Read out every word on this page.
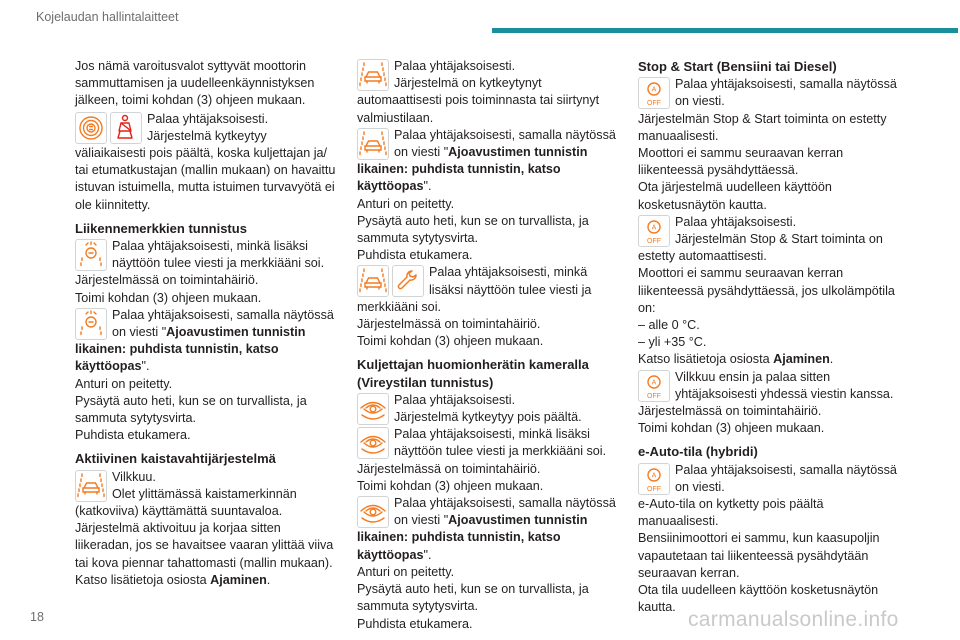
Kojelaudan hallintalaitteet

Jos nämä varoitusvalot syttyvät moottorin sammuttamisen ja uudelleenkäynnistyksen jälkeen, toimi kohdan (3) ohjeen mukaan.

Palaa yhtäjaksoisesti.
Järjestelmä kytkeytyy

väliaikaisesti pois päältä, koska kuljettajan ja/ tai etumatkustajan (mallin mukaan) on havaittu istuvan istuimella, mutta istuimen turvavyötä ei ole kiinnitetty.

Liikennemerkkien tunnistus
Palaa yhtäjaksoisesti, minkä lisäksi
näyttöön tulee viesti ja merkkiääni soi.

Järjestelmässä on toimintahäiriö.

Toimi kohdan (3) ohjeen mukaan.

Palaa yhtäjaksoisesti, samalla näytössä
on viesti "Ajoavustimen tunnistin

likainen: puhdista tunnistin, katso käyttöopas".

Anturi on peitetty.

Pysäytä auto heti, kun se on turvallista, ja sammuta sytytysvirta.

Puhdista etukamera.

Aktiivinen kaistavahtijärjestelmä
Vilkkuu.
Olet ylittämässä kaistamerkinnän

(katkoviiva) käyttämättä suuntavaloa.

Järjestelmä aktivoituu ja korjaa sitten liikeradan, jos se havaitsee vaaran ylittää viiva tai kova piennar tahattomasti (mallin mukaan).

Katso lisätietoja osiosta Ajaminen.

Palaa yhtäjaksoisesti.
Järjestelmä on kytkeytynyt

automaattisesti pois toiminnasta tai siirtynyt valmiustilaan.

Palaa yhtäjaksoisesti, samalla näytössä
on viesti "Ajoavustimen tunnistin

likainen: puhdista tunnistin, katso käyttöopas".

Anturi on peitetty.

Pysäytä auto heti, kun se on turvallista, ja sammuta sytytysvirta.

Puhdista etukamera.

Palaa yhtäjaksoisesti, minkä
lisäksi näyttöön tulee viesti ja

merkkiääni soi.

Järjestelmässä on toimintahäiriö.

Toimi kohdan (3) ohjeen mukaan.

Kuljettajan huomionherätin kameralla (Vireystilan tunnistus)
Palaa yhtäjaksoisesti.
Järjestelmä kytkeytyy pois päältä.
Palaa yhtäjaksoisesti, minkä lisäksi
näyttöön tulee viesti ja merkkiääni soi.

Järjestelmässä on toimintahäiriö.

Toimi kohdan (3) ohjeen mukaan.

Palaa yhtäjaksoisesti, samalla näytössä
on viesti "Ajoavustimen tunnistin

likainen: puhdista tunnistin, katso käyttöopas".

Anturi on peitetty.

Pysäytä auto heti, kun se on turvallista, ja sammuta sytytysvirta.

Puhdista etukamera.

Stop & Start (Bensiini tai Diesel)
A
OFF
Palaa yhtäjaksoisesti, samalla näytössä
on viesti.

Järjestelmän Stop & Start toiminta on estetty manuaalisesti.

Moottori ei sammu seuraavan kerran liikenteessä pysähdyttäessä.

Ota järjestelmä uudelleen käyttöön kosketusnäytön kautta.

A
OFF
Palaa yhtäjaksoisesti.
Järjestelmän Stop & Start toiminta on

estetty automaattisesti.

Moottori ei sammu seuraavan kerran liikenteessä pysähdyttäessä, jos ulkolämpötila on:

– alle 0 °C.

– yli +35 °C.

Katso lisätietoja osiosta Ajaminen.

A
OFF
Vilkkuu ensin ja palaa sitten
yhtäjaksoisesti yhdessä viestin kanssa.

Järjestelmässä on toimintahäiriö.

Toimi kohdan (3) ohjeen mukaan.

e-Auto-tila (hybridi)
A
OFF
Palaa yhtäjaksoisesti, samalla näytössä
on viesti.

e-Auto-tila on kytketty pois päältä manuaalisesti.

Bensiinimoottori ei sammu, kun kaasupoljin vapautetaan tai liikenteessä pysähdytään seuraavan kerran.

Ota tila uudelleen käyttöön kosketusnäytön kautta.

18	carmanualsonline.info
